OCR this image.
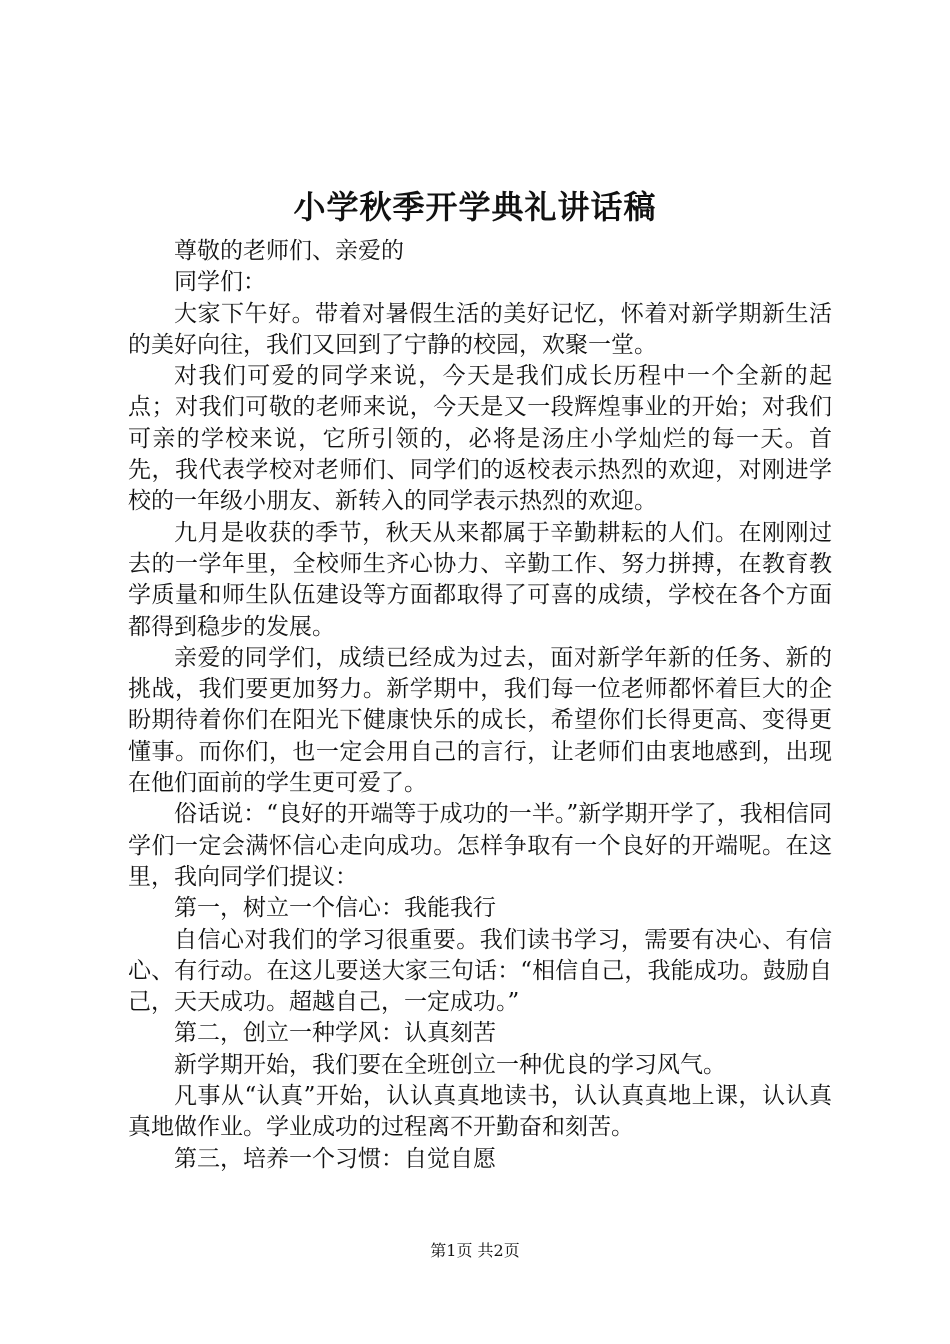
小学秋季开学典礼讲话稿

尊敬的老师们、亲爱的

同学们：

大家下午好。带着对暑假生活的美好记忆，怀着对新学期新生活的美好向往，我们又回到了宁静的校园，欢聚一堂。

对我们可爱的同学来说，今天是我们成长历程中一个全新的起点；对我们可敬的老师来说，今天是又一段辉煌事业的开始；对我们可亲的学校来说，它所引领的，必将是汤庄小学灿烂的每一天。首先，我代表学校对老师们、同学们的返校表示热烈的欢迎，对刚进学校的一年级小朋友、新转入的同学表示热烈的欢迎。

九月是收获的季节，秋天从来都属于辛勤耕耘的人们。在刚刚过去的一学年里，全校师生齐心协力、辛勤工作、努力拼搏，在教育教学质量和师生队伍建设等方面都取得了可喜的成绩，学校在各个方面都得到稳步的发展。

亲爱的同学们，成绩已经成为过去，面对新学年新的任务、新的挑战，我们要更加努力。新学期中，我们每一位老师都怀着巨大的企盼期待着你们在阳光下健康快乐的成长，希望你们长得更高、变得更懂事。而你们，也一定会用自己的言行，让老师们由衷地感到，出现在他们面前的学生更可爱了。

俗话说：“良好的开端等于成功的一半。”新学期开学了，我相信同学们一定会满怀信心走向成功。怎样争取有一个良好的开端呢。在这里，我向同学们提议：

第一，树立一个信心：我能我行

自信心对我们的学习很重要。我们读书学习，需要有决心、有信心、有行动。在这儿要送大家三句话：“相信自己，我能成功。鼓励自己，天天成功。超越自己，一定成功。”

第二，创立一种学风：认真刻苦

新学期开始，我们要在全班创立一种优良的学习风气。

凡事从“认真”开始，认认真真地读书，认认真真地上课，认认真真地做作业。学业成功的过程离不开勤奋和刻苦。

第三，培养一个习惯：自觉自愿

第1页 共2页
